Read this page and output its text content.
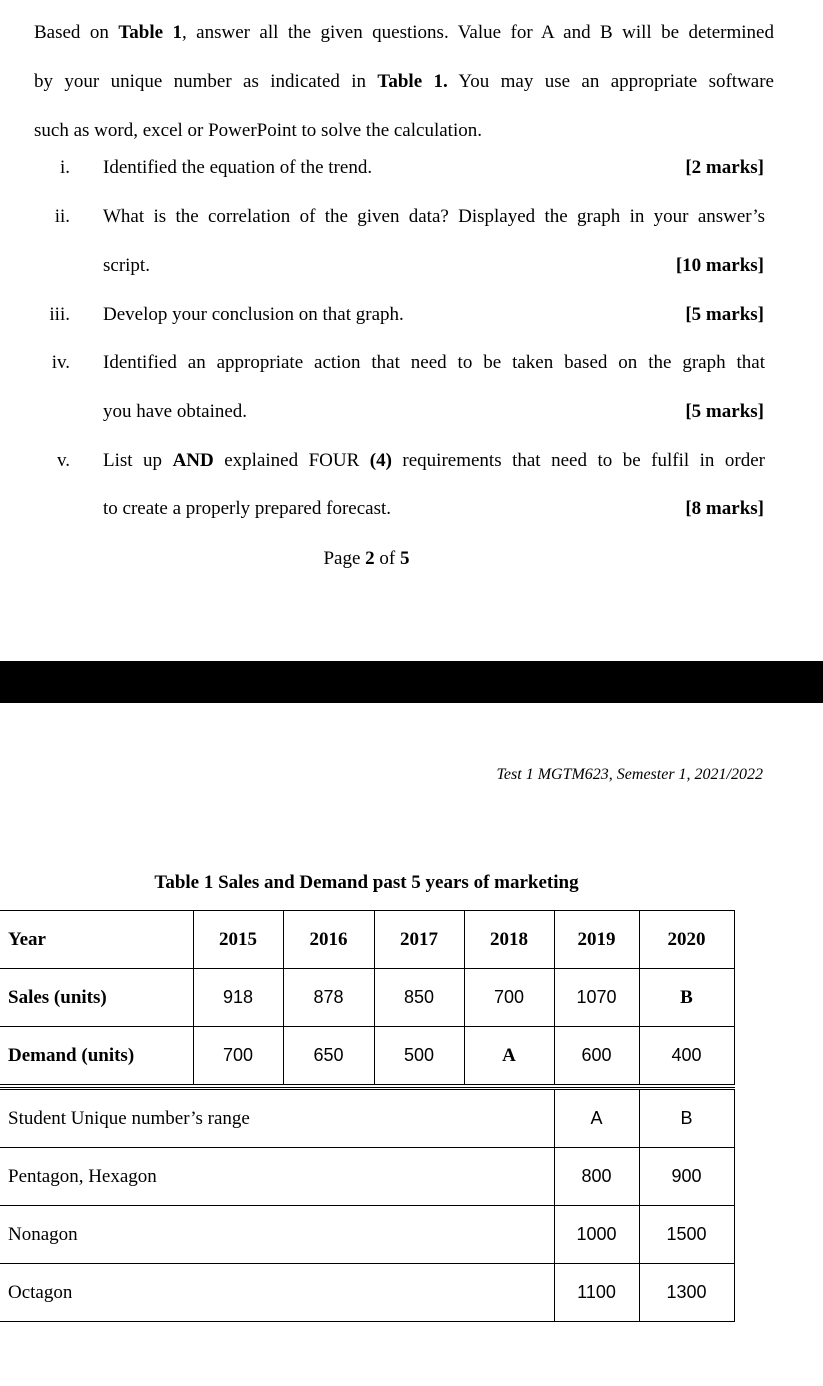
Based on Table 1, answer all the given questions. Value for A and B will be determined
by your unique number as indicated in Table 1. You may use an appropriate software
such as word, excel or PowerPoint to solve the calculation.
i. Identified the equation of the trend.	[2 marks]
ii. What is the correlation of the given data? Displayed the graph in your answer’s
script.	[10 marks]
iii. Develop your conclusion on that graph.	[5 marks]
iv. Identified an appropriate action that need to be taken based on the graph that
you have obtained.	[5 marks]
v. List up AND explained FOUR (4) requirements that need to be fulfil in order
to create a properly prepared forecast.	[8 marks]
Page 2 of 5
Test 1 MGTM623, Semester 1, 2021/2022
Table 1 Sales and Demand past 5 years of marketing
Year	2015	2016	2017	2018	2019	2020
Sales (units)	918	878	850	700	1070	B
Demand (units)	700	650	500	A	600	400
Student Unique number’s range	A	B
Pentagon, Hexagon	800	900
Nonagon	1000	1500
Octagon	1100	1300
